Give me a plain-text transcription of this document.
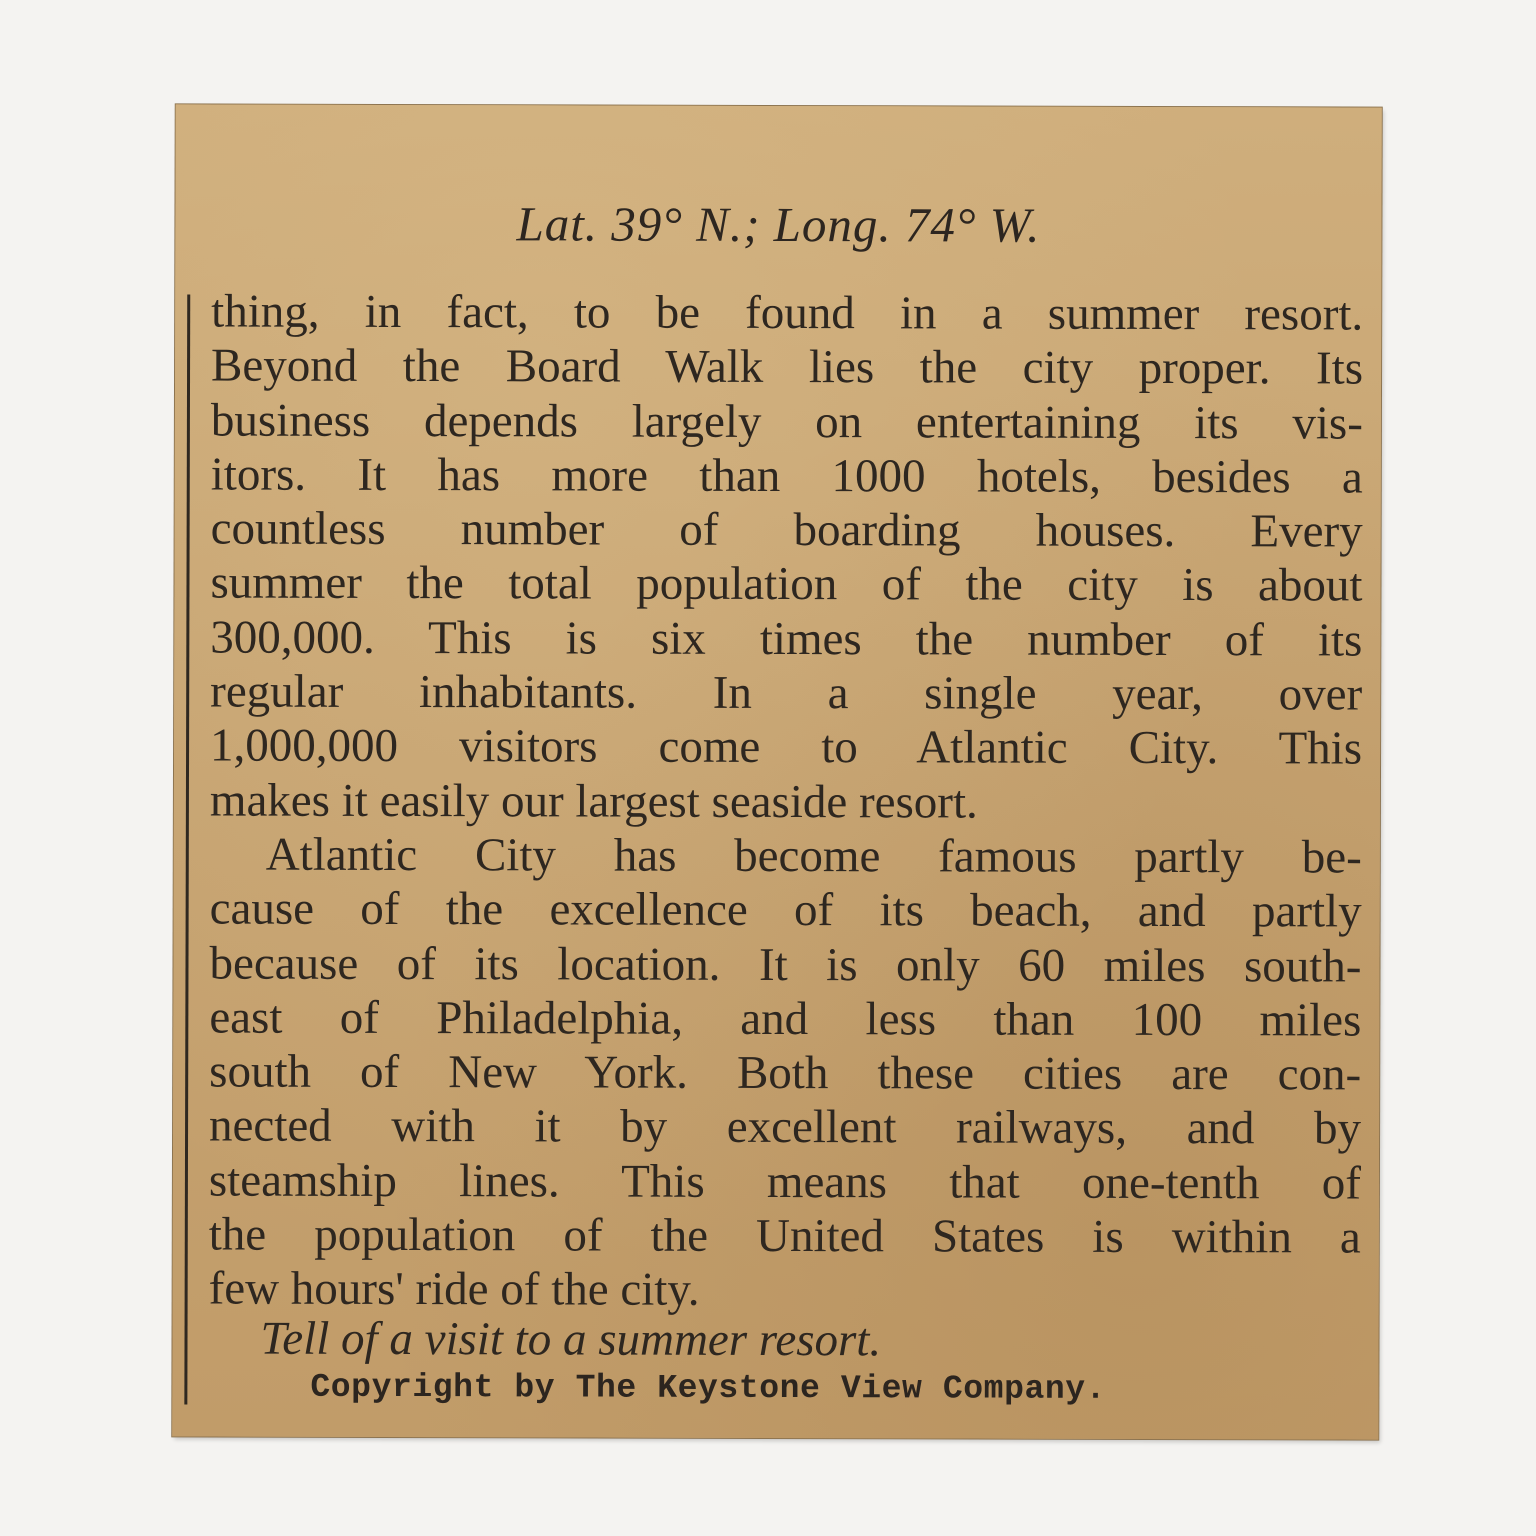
Lat. 39° N.; Long. 74° W.
thing, in fact, to be found in a summer resort.
Beyond the Board Walk lies the city proper. Its
business depends largely on entertaining its vis-
itors. It has more than 1000 hotels, besides a
countless number of boarding houses. Every
summer the total population of the city is about
300,000. This is six times the number of its
regular inhabitants. In a single year, over
1,000,000 visitors come to Atlantic City. This
makes it easily our largest seaside resort.
Atlantic City has become famous partly be-
cause of the excellence of its beach, and partly
because of its location. It is only 60 miles south-
east of Philadelphia, and less than 100 miles
south of New York. Both these cities are con-
nected with it by excellent railways, and by
steamship lines. This means that one-tenth of
the population of the United States is within a
few hours' ride of the city.

Tell of a visit to a summer resort.

Copyright by The Keystone View Company.
